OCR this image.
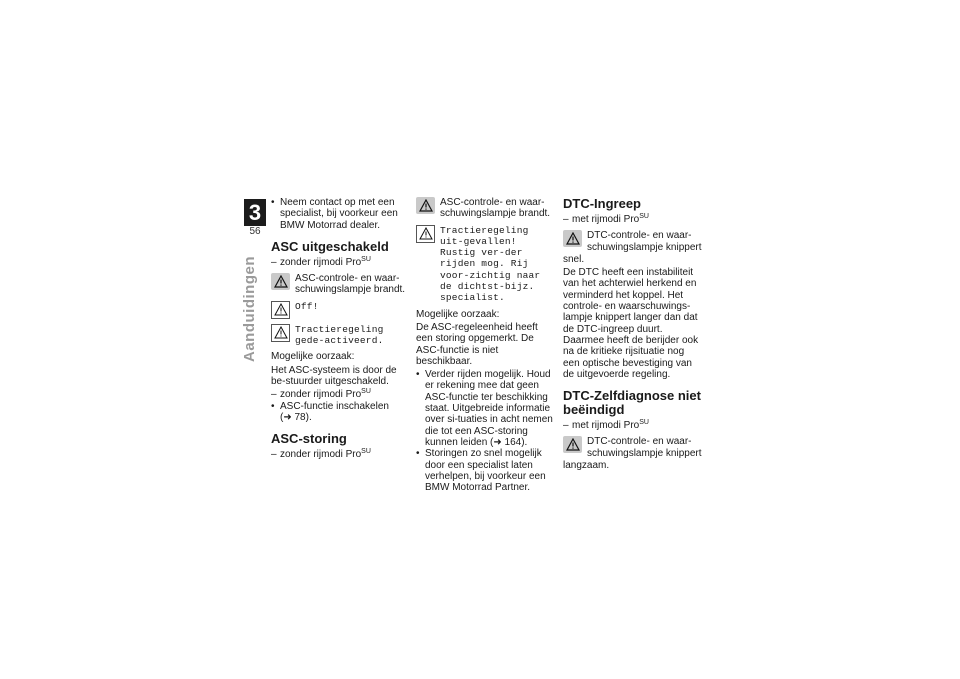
3
56
Aanduidingen
• Neem contact op met een specialist, bij voorkeur een BMW Motorrad dealer.
ASC uitgeschakeld
– zonder rijmodi Pro$^{SU}$
ASC-controle- en waar-schuwingslampje brandt.
Off!
Tractieregeling gede-activeerd.
Mogelijke oorzaak:
Het ASC-systeem is door de be-stuurder uitgeschakeld.
– zonder rijmodi Pro$^{SU}$
• ASC-functie inschakelen
(➜ 78).
ASC-storing
– zonder rijmodi Pro$^{SU}$
ASC-controle- en waar-schuwingslampje brandt.
Tractieregeling uit-gevallen! Rustig ver-der rijden mog. Rij voor-zichtig naar de dichtst-bijz. specialist.
Mogelijke oorzaak:
De ASC-regeleenheid heeft een storing opgemerkt. De ASC-functie is niet beschikbaar.
• Verder rijden mogelijk. Houd er rekening mee dat geen ASC-functie ter beschikking staat. Uitgebreide informatie over si-tuaties in acht nemen die tot een ASC-storing kunnen leiden (➜ 164).
• Storingen zo snel mogelijk door een specialist laten verhelpen, bij voorkeur een BMW Motorrad Partner.
DTC-Ingreep
– met rijmodi Pro$^{SU}$
DTC-controle- en waar-schuwingslampje knippert
snel.
De DTC heeft een instabiliteit van het achterwiel herkend en verminderd het koppel. Het controle- en waarschuwings-lampje knippert langer dan dat de DTC-ingreep duurt. Daarmee heeft de berijder ook na de kritieke rijsituatie nog een optische bevestiging van de uitgevoerde regeling.
DTC-Zelfdiagnose niet beëindigd
– met rijmodi Pro$^{SU}$
DTC-controle- en waar-schuwingslampje knippert
langzaam.
